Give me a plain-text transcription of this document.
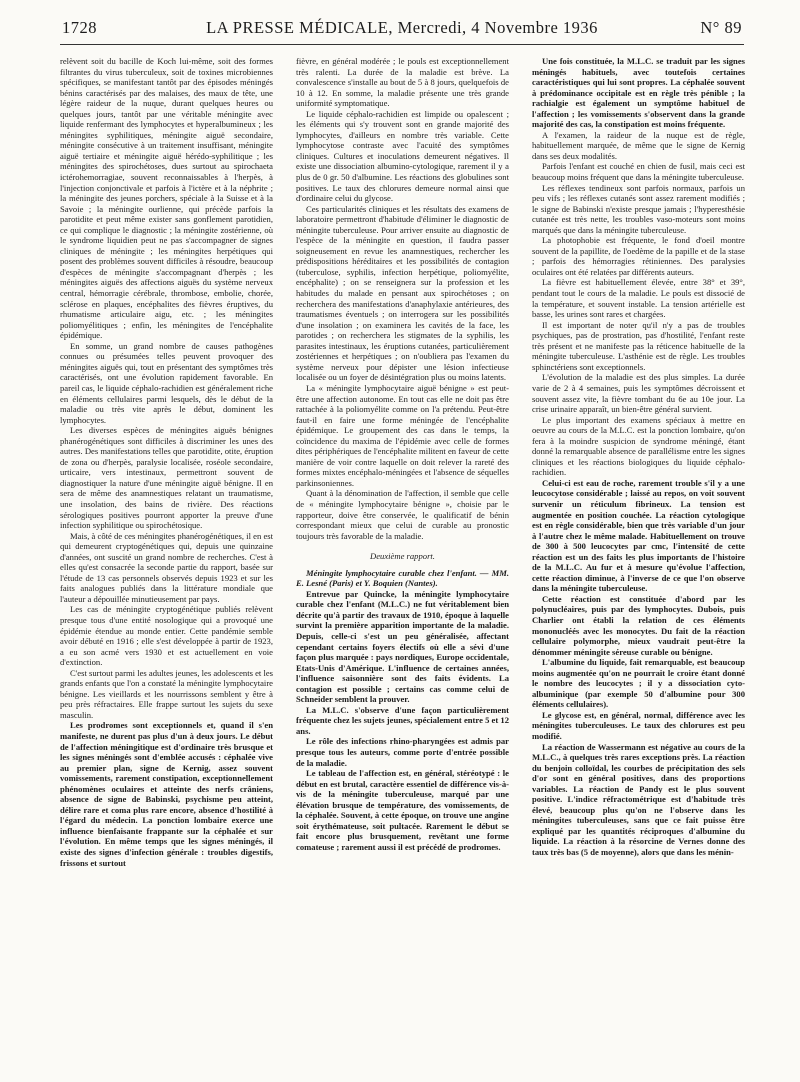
1728	LA PRESSE MÉDICALE, Mercredi, 4 Novembre 1936	N° 89

relèvent soit du bacille de Koch lui-même, soit des formes filtrantes du virus tuberculeux, soit de toxines microbiennes spécifiques, se manifestant tantôt par des épisodes méningés bénins caractérisés par des malaises, des maux de tête, une légère raideur de la nuque, durant quelques heures ou quelques jours, tantôt par une véritable méningite avec liquide renfermant des lymphocytes et hyperalbumineux ; les méningites syphilitiques, méningite aiguë secondaire, méningite consécutive à un traitement insuffisant, méningite aiguë tertiaire et méningite aiguë hérédo-syphilitique ; les méningites des spirochétoses, dues surtout au spirochaeta ictérohemorragiae, souvent reconnaissables à l'herpès, à l'injection conjonctivale et parfois à l'ictère et à la néphrite ; la méningite des jeunes porchers, spéciale à la Suisse et à la Savoie ; la méningite ourlienne, qui précède parfois la parotidite et peut même exister sans gonflement parotidien, ce qui complique le diagnostic ; la méningite zostérienne, où le syndrome liquidien peut ne pas s'accompagner de signes cliniques de méningite ; les méningites herpétiques qui posent des problèmes souvent difficiles à résoudre, beaucoup d'espèces de méningite s'accompagnant d'herpès ; les méningites aiguës des affections aiguës du système nerveux central, hémorragie cérébrale, thrombose, embolie, chorée, sclérose en plaques, encéphalites des fièvres éruptives, du rhumatisme articulaire aigu, etc. ; les méningites poliomyélitiques ; enfin, les méningites de l'encéphalite épidémique.

En somme, un grand nombre de causes pathogènes connues ou présumées telles peuvent provoquer des méningites aiguës qui, tout en présentant des symptômes très caractérisés, ont une évolution rapidement favorable. En pareil cas, le liquide céphalo-rachidien est généralement riche en éléments cellulaires parmi lesquels, dès le début de la maladie ou très vite après le début, dominent les lymphocytes.

Les diverses espèces de méningites aiguës bénignes phanérogénétiques sont difficiles à discriminer les unes des autres. Des manifestations telles que parotidite, otite, éruption de zona ou d'herpès, paralysie localisée, roséole secondaire, urticaire, vers intestinaux, permettront souvent de diagnostiquer la nature d'une méningite aiguë bénigne. Il en sera de même des anamnestiques relatant un traumatisme, une insolation, des bains de rivière. Des réactions sérologiques positives pourront apporter la preuve d'une infection syphilitique ou spirochétosique.

Mais, à côté de ces méningites phanérogénétiques, il en est qui demeurent cryptogénétiques qui, depuis une quinzaine d'années, ont suscité un grand nombre de recherches. C'est à elles qu'est consacrée la seconde partie du rapport, basée sur l'étude de 13 cas personnels observés depuis 1923 et sur les faits analogues publiés dans la littérature mondiale que l'auteur a dépouillée minutieusement par pays.

Les cas de méningite cryptogénétique publiés relèvent presque tous d'une entité nosologique qui a provoqué une épidémie étendue au monde entier. Cette pandémie semble avoir débuté en 1916 ; elle s'est développée à partir de 1923, a eu son acmé vers 1930 et est actuellement en voie d'extinction.

C'est surtout parmi les adultes jeunes, les adolescents et les grands enfants que l'on a constaté la méningite lymphocytaire bénigne. Les vieillards et les nourrissons semblent y être à peu près réfractaires. Elle frappe surtout les sujets du sexe masculin.

Les prodromes sont exceptionnels et, quand il s'en manifeste, ne durent pas plus d'un à deux jours. Le début de l'affection méningitique est d'ordinaire très brusque et les signes méningés sont d'emblée accusés : céphalée vive au premier plan, signe de Kernig, assez souvent vomissements, rarement constipation, exceptionnellement phénomènes oculaires et atteinte des nerfs crâniens, absence de signe de Babinski, psychisme peu atteint, délire rare et coma plus rare encore, absence d'hostilité à l'égard du médecin. La ponction lombaire exerce une influence bienfaisante frappante sur la céphalée et sur l'évolution. En même temps que les signes méningés, il existe des signes d'infection générale : troubles digestifs, frissons et surtout

fièvre, en général modérée ; le pouls est exceptionnellement très ralenti. La durée de la maladie est brève. La convalescence s'installe au bout de 5 à 8 jours, quelquefois de 10 à 12. En somme, la maladie présente une très grande uniformité symptomatique.

Le liquide céphalo-rachidien est limpide ou opalescent ; les éléments qui s'y trouvent sont en grande majorité des lymphocytes, d'ailleurs en nombre très variable. Cette lymphocytose contraste avec l'acuité des symptômes cliniques. Cultures et inoculations demeurent négatives. Il existe une dissociation albumino-cytologique, rarement il y a plus de 0 gr. 50 d'albumine. Les réactions des globulines sont positives. Le taux des chlorures demeure normal ainsi que d'ordinaire celui du glycose.

Ces particularités cliniques et les résultats des examens de laboratoire permettront d'habitude d'éliminer le diagnostic de méningite tuberculeuse. Pour arriver ensuite au diagnostic de l'espèce de la méningite en question, il faudra passer soigneusement en revue les anamnestiques, rechercher les prédispositions héréditaires et les possibilités de contagion (tuberculose, syphilis, infection herpétique, poliomyélite, encéphalite) ; on se renseignera sur la profession et les habitudes du malade en pensant aux spirochétoses ; on recherchera des manifestations d'anaphylaxie antérieures, des traumatismes éventuels ; on interrogera sur les possibilités d'une insolation ; on examinera les cavités de la face, les parotides ; on recherchera les stigmates de la syphilis, les parasites intestinaux, les éruptions cutanées, particulièrement zostériennes et herpétiques ; on n'oubliera pas l'examen du système nerveux pour dépister une lésion infectieuse localisée ou un foyer de désintégration plus ou moins latents.

La « méningite lymphocytaire aiguë bénigne » est peut-être une affection autonome. En tout cas elle ne doit pas être rattachée à la poliomyélite comme on l'a prétendu. Peut-être faut-il en faire une forme méningée de l'encéphalite épidémique. Le groupement des cas dans le temps, la coïncidence du maxima de l'épidémie avec celle de formes dites périphériques de l'encéphalite militent en faveur de cette manière de voir contre laquelle on doit relever la rareté des formes mixtes encéphalo-méningées et l'absence de séquelles parkinsoniennes.

Quant à la dénomination de l'affection, il semble que celle de « méningite lymphocytaire bénigne », choisie par le rapporteur, doive être conservée, le qualificatif de bénin correspondant mieux que celui de curable au pronostic toujours très favorable de la maladie.

Deuxième rapport.

Méningite lymphocytaire curable chez l'enfant. — MM. E. Lesné (Paris) et Y. Boquien (Nantes).

Entrevue par Quincke, la méningite lymphocytaire curable chez l'enfant (M.L.C.) ne fut véritablement bien décrite qu'à partir des travaux de 1910, époque à laquelle survint la première apparition importante de la maladie. Depuis, celle-ci s'est un peu généralisée, affectant cependant certains foyers électifs où elle a sévi d'une façon plus marquée : pays nordiques, Europe occidentale, Etats-Unis d'Amérique. L'influence de certaines années, l'influence saisonnière sont des faits évidents. La contagion est possible ; certains cas comme celui de Schneider semblent la prouver.

La M.L.C. s'observe d'une façon particulièrement fréquente chez les sujets jeunes, spécialement entre 5 et 12 ans.

Le rôle des infections rhino-pharyngées est admis par presque tous les auteurs, comme porte d'entrée possible de la maladie.

Le tableau de l'affection est, en général, stéréotypé : le début en est brutal, caractère essentiel de différence vis-à-vis de la méningite tuberculeuse, marqué par une élévation brusque de température, des vomissements, de la céphalée. Souvent, à cette époque, on trouve une angine soit érythémateuse, soit pultacée. Rarement le début se fait encore plus brusquement, revêtant une forme comateuse ; rarement aussi il est précédé de prodromes.

Une fois constituée, la M.L.C. se traduit par les signes méningés habituels, avec toutefois certaines caractéristiques qui lui sont propres. La céphalée souvent à prédominance occipitale est en règle très pénible ; la rachialgie est également un symptôme habituel de l'affection ; les vomissements s'observent dans la grande majorité des cas, la constipation est moins fréquente.

A l'examen, la raideur de la nuque est de règle, habituellement marquée, de même que le signe de Kernig dans ses deux modalités.

Parfois l'enfant est couché en chien de fusil, mais ceci est beaucoup moins fréquent que dans la méningite tuberculeuse.

Les réflexes tendineux sont parfois normaux, parfois un peu vifs ; les réflexes cutanés sont assez rarement modifiés ; le signe de Babinski n'existe presque jamais ; l'hyperesthésie cutanée est très nette, les troubles vaso-moteurs sont moins marqués que dans la méningite tuberculeuse.

La photophobie est fréquente, le fond d'oeil montre souvent de la papillite, de l'oedème de la papille et de la stase ; parfois des hémorragies rétiniennes. Des paralysies oculaires ont été relatées par différents auteurs.

La fièvre est habituellement élevée, entre 38° et 39°, pendant tout le cours de la maladie. Le pouls est dissocié de la température, et souvent instable. La tension artérielle est basse, les urines sont rares et chargées.

Il est important de noter qu'il n'y a pas de troubles psychiques, pas de prostration, pas d'hostilité, l'enfant reste très présent et ne manifeste pas la réticence habituelle de la méningite tuberculeuse. L'asthénie est de règle. Les troubles sphinctériens sont exceptionnels.

L'évolution de la maladie est des plus simples. La durée varie de 2 à 4 semaines, puis les symptômes décroissent et souvent assez vite, la fièvre tombant du 6e au 10e jour. La crise urinaire apparaît, un bien-être général survient.

Le plus important des examens spéciaux à mettre en oeuvre au cours de la M.L.C. est la ponction lombaire, qu'on fera à la moindre suspicion de syndrome méningé, étant donné la remarquable absence de parallélisme entre les signes cliniques et les réactions biologiques du liquide céphalo-rachidien.

Celui-ci est eau de roche, rarement trouble s'il y a une leucocytose considérable ; laissé au repos, on voit souvent survenir un réticulum fibrineux. La tension est augmentée en position couchée. La réaction cytologique est en règle considérable, bien que très variable d'un jour à l'autre chez le même malade. Habituellement on trouve de 300 à 500 leucocytes par cmc, l'intensité de cette réaction est un des faits les plus importants de l'histoire de la M.L.C. Au fur et à mesure qu'évolue l'affection, cette réaction diminue, à l'inverse de ce que l'on observe dans la méningite tuberculeuse.

Cette réaction est constituée d'abord par les polynucléaires, puis par des lymphocytes. Dubois, puis Charlier ont établi la relation de ces éléments mononucléés avec les monocytes. Du fait de la réaction cellulaire polymorphe, mieux vaudrait peut-être la dénommer méningite séreuse curable ou bénigne.

L'albumine du liquide, fait remarquable, est beaucoup moins augmentée qu'on ne pourrait le croire étant donné le nombre des leucocytes ; il y a dissociation cyto-albuminique (par exemple 50 d'albumine pour 300 éléments cellulaires).

Le glycose est, en général, normal, différence avec les méningites tuberculeuses. Le taux des chlorures est peu modifié.

La réaction de Wassermann est négative au cours de la M.L.C., à quelques très rares exceptions près. La réaction du benjoin colloïdal, les courbes de précipitation des sels d'or sont en général positives, dans des proportions variables. La réaction de Pandy est le plus souvent positive. L'indice réfractométrique est d'habitude très élevé, beaucoup plus qu'on ne l'observe dans les méningites tuberculeuses, sans que ce fait puisse être expliqué par les quantités réciproques d'albumine du liquide. La réaction à la résorcine de Vernes donne des taux très bas (5 de moyenne), alors que dans les ménin-
